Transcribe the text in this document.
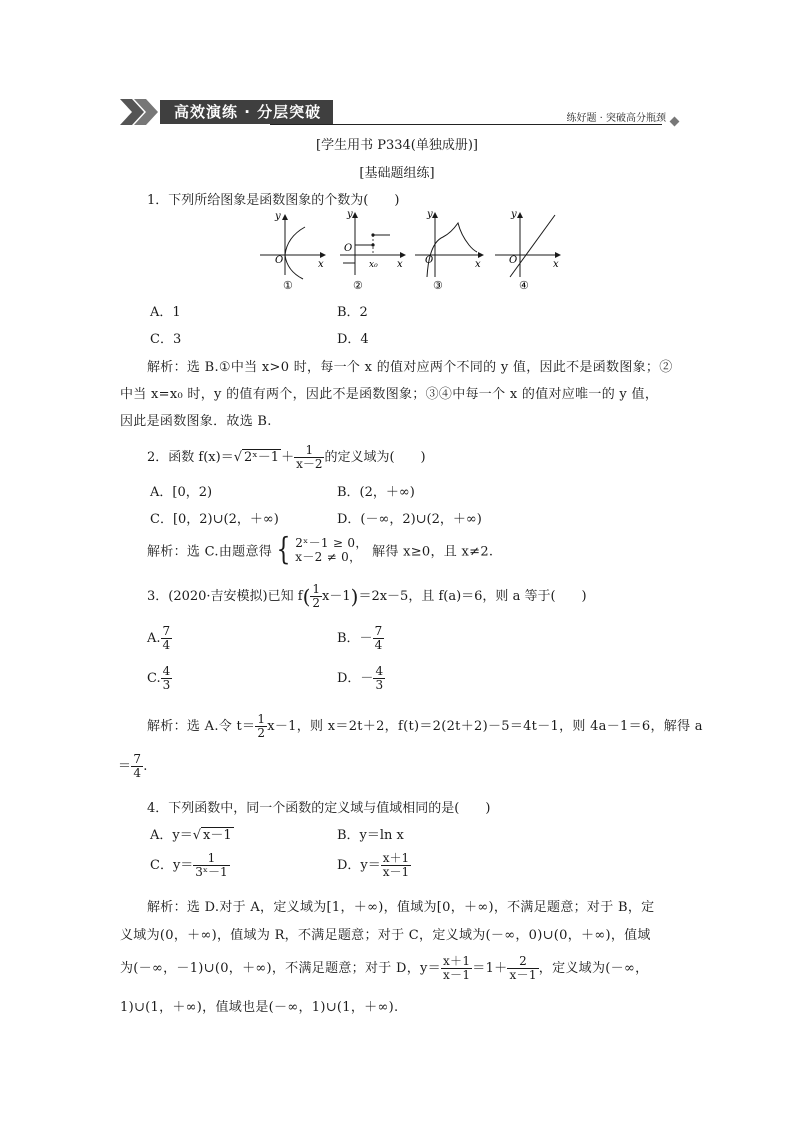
高效演练 · 分层突破	练好题 · 突破高分瓶颈
[学生用书 P334(单独成册)]
[基础题组练]
1．下列所给图象是函数图象的个数为(　　)
O	x
y
①
O
x₀ x
y
②
O	x
y
③
O	x
y
④
A．1	B．2
C．3	D．4
解析：选 B.①中当 x>0 时，每一个 x 的值对应两个不同的 y 值，因此不是函数图象；②
中当 x=x₀ 时，y 的值有两个，因此不是函数图象；③④中每一个 x 的值对应唯一的 y 值，
因此是函数图象．故选 B.
2．函数 f(x)＝√ 2ˣ－1 ＋ $\frac{1}{x-2}$ 的定义域为(　　)
A．[0，2)	B．(2，＋∞)
C．[0，2)∪(2，＋∞)	D．(－∞，2)∪(2，＋∞)
解析：选 C.由题意得 { 2ˣ－1 ≥ 0，
x－2 ≠ 0， 解得 x≥0，且 x≠2.
3．(2020·吉安模拟)已知 $f( \frac{1}{2} x-1)=2x-5$，且 f(a)＝6，则 a 等于(　　)
A. $\frac{7}{4}$	B．－ $\frac{7}{4}$
C. $\frac{4}{3}$	D．－ $\frac{4}{3}$
解析：选 A.令 $t= \frac{1}{2} x-1$，则 x＝2t＋2，f(t)＝2(2t＋2)－5＝4t－1，则 4a－1＝6，解得 a
＝ $\frac{7}{4}$ .
4．下列函数中，同一个函数的定义域与值域相同的是(　　)
A．y＝√ x－1	B．y＝ln x
C．$y= \frac{1}{\text{3ˣ－1}}$	D．$y= \frac{x+1}{x-1}$
解析：选 D.对于 A，定义域为[1，＋∞)，值域为[0，＋∞)，不满足题意；对于 B，定
义域为(0，＋∞)，值域为 R，不满足题意；对于 C，定义域为(－∞，0)∪(0，＋∞)，值域
为(－∞，－1)∪(0，＋∞)，不满足题意；对于 D，$y= \frac{x+1}{x-1} =1+ \frac{2}{x-1}$ ，定义域为(－∞，
1)∪(1，＋∞)，值域也是(－∞，1)∪(1，＋∞).
